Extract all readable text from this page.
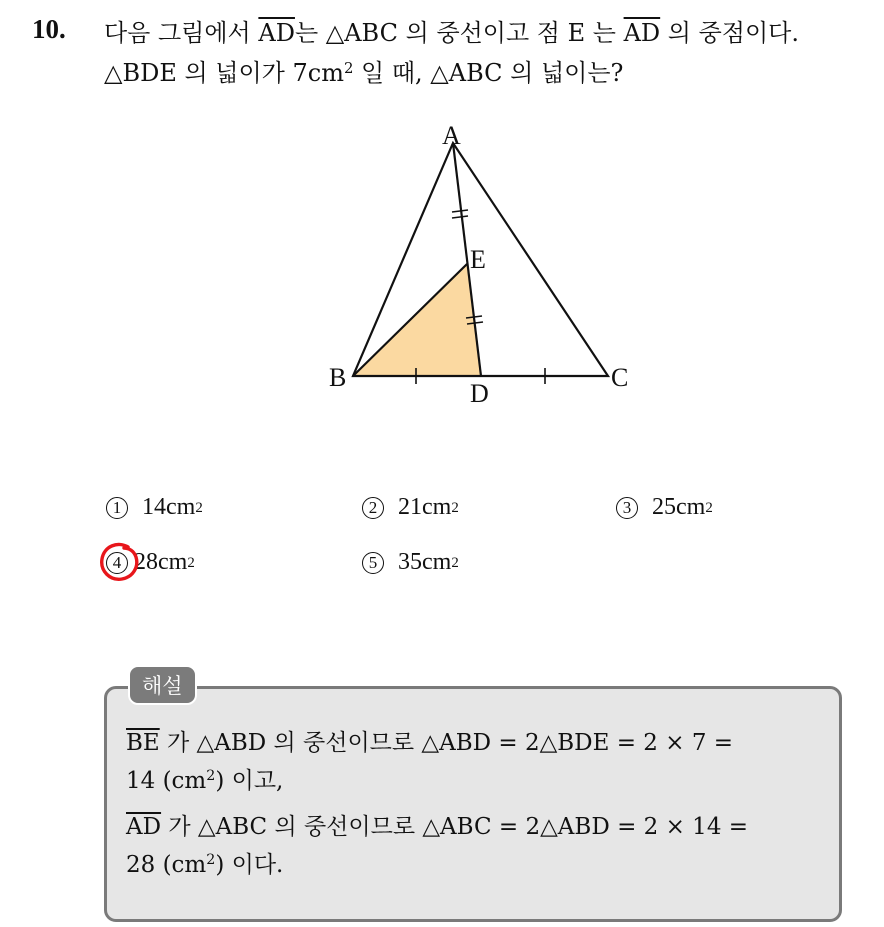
10. 다음 그림에서 $\overline{AD}$는 △ABC 의 중선이고 점 E 는 $\overline{AD}$ 의 중점이다.
△BDE 의 넓이가 $7cm^2$ 일 때, △ABC 의 넓이는?
A
B	C
D
E
1 14cm 2	2 21cm 2	3 25cm 2
4 28cm 2	5 35cm 2
해설
$\overline{BE}$ 가 △ABD 의 중선이므로 △ABD = 2△BDE = 2 × 7 =
14 $(cm^2)$ 이고,
$\overline{AD}$ 가 △ABC 의 중선이므로 △ABC = 2△ABD = 2 × 14 =
28 $(cm^2)$ 이다.
